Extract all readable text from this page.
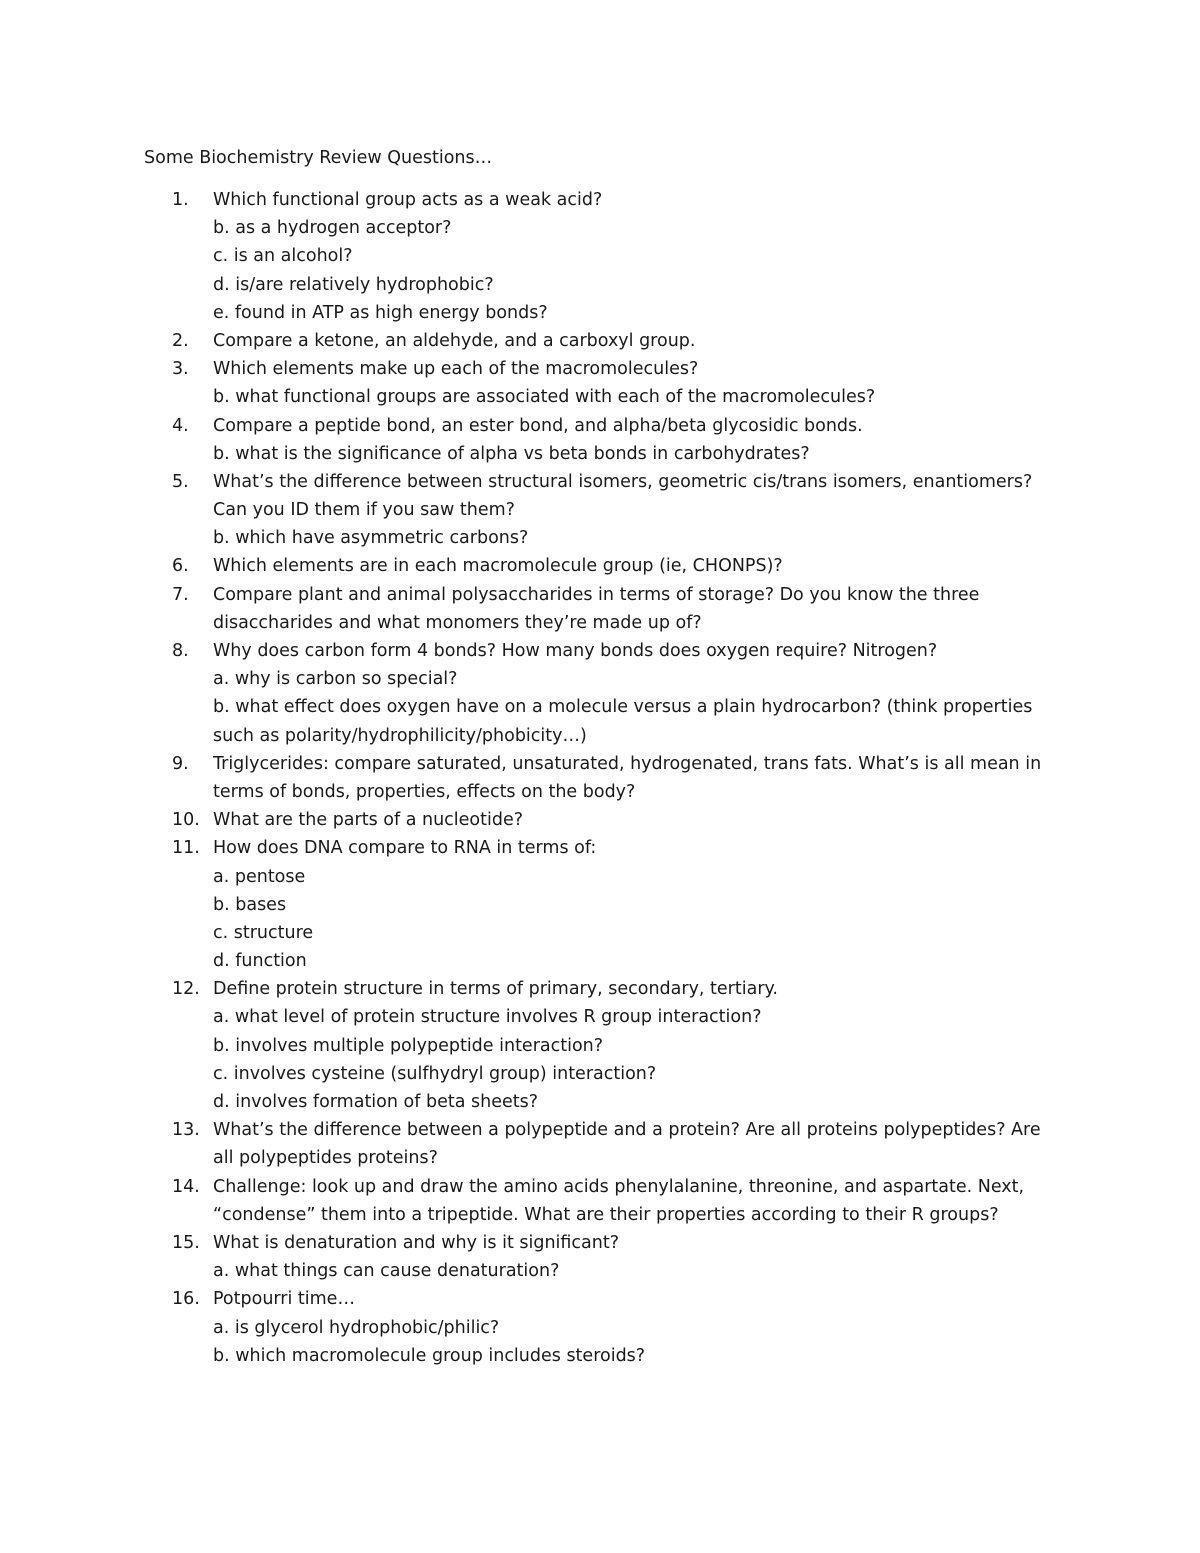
Some Biochemistry Review Questions…
1. Which functional group acts as a weak acid?
b. as a hydrogen acceptor?
c. is an alcohol?
d. is/are relatively hydrophobic?
e. found in ATP as high energy bonds?
2. Compare a ketone, an aldehyde, and a carboxyl group.
3. Which elements make up each of the macromolecules?
b. what functional groups are associated with each of the macromolecules?
4. Compare a peptide bond, an ester bond, and alpha/beta glycosidic bonds.
b. what is the significance of alpha vs beta bonds in carbohydrates?
5. What’s the difference between structural isomers, geometric cis/trans isomers, enantiomers?
Can you ID them if you saw them?
b. which have asymmetric carbons?
6. Which elements are in each macromolecule group (ie, CHONPS)?
7. Compare plant and animal polysaccharides in terms of storage? Do you know the three
disaccharides and what monomers they’re made up of?
8. Why does carbon form 4 bonds? How many bonds does oxygen require? Nitrogen?
a. why is carbon so special?
b. what effect does oxygen have on a molecule versus a plain hydrocarbon? (think properties
such as polarity/hydrophilicity/phobicity…)
9. Triglycerides: compare saturated, unsaturated, hydrogenated, trans fats. What’s is all mean in
terms of bonds, properties, effects on the body?
10. What are the parts of a nucleotide?
11. How does DNA compare to RNA in terms of:
a. pentose
b. bases
c. structure
d. function
12. Define protein structure in terms of primary, secondary, tertiary.
a. what level of protein structure involves R group interaction?
b. involves multiple polypeptide interaction?
c. involves cysteine (sulfhydryl group) interaction?
d. involves formation of beta sheets?
13. What’s the difference between a polypeptide and a protein? Are all proteins polypeptides? Are
all polypeptides proteins?
14. Challenge: look up and draw the amino acids phenylalanine, threonine, and aspartate. Next,
“condense” them into a tripeptide. What are their properties according to their R groups?
15. What is denaturation and why is it significant?
a. what things can cause denaturation?
16. Potpourri time…
a. is glycerol hydrophobic/philic?
b. which macromolecule group includes steroids?
